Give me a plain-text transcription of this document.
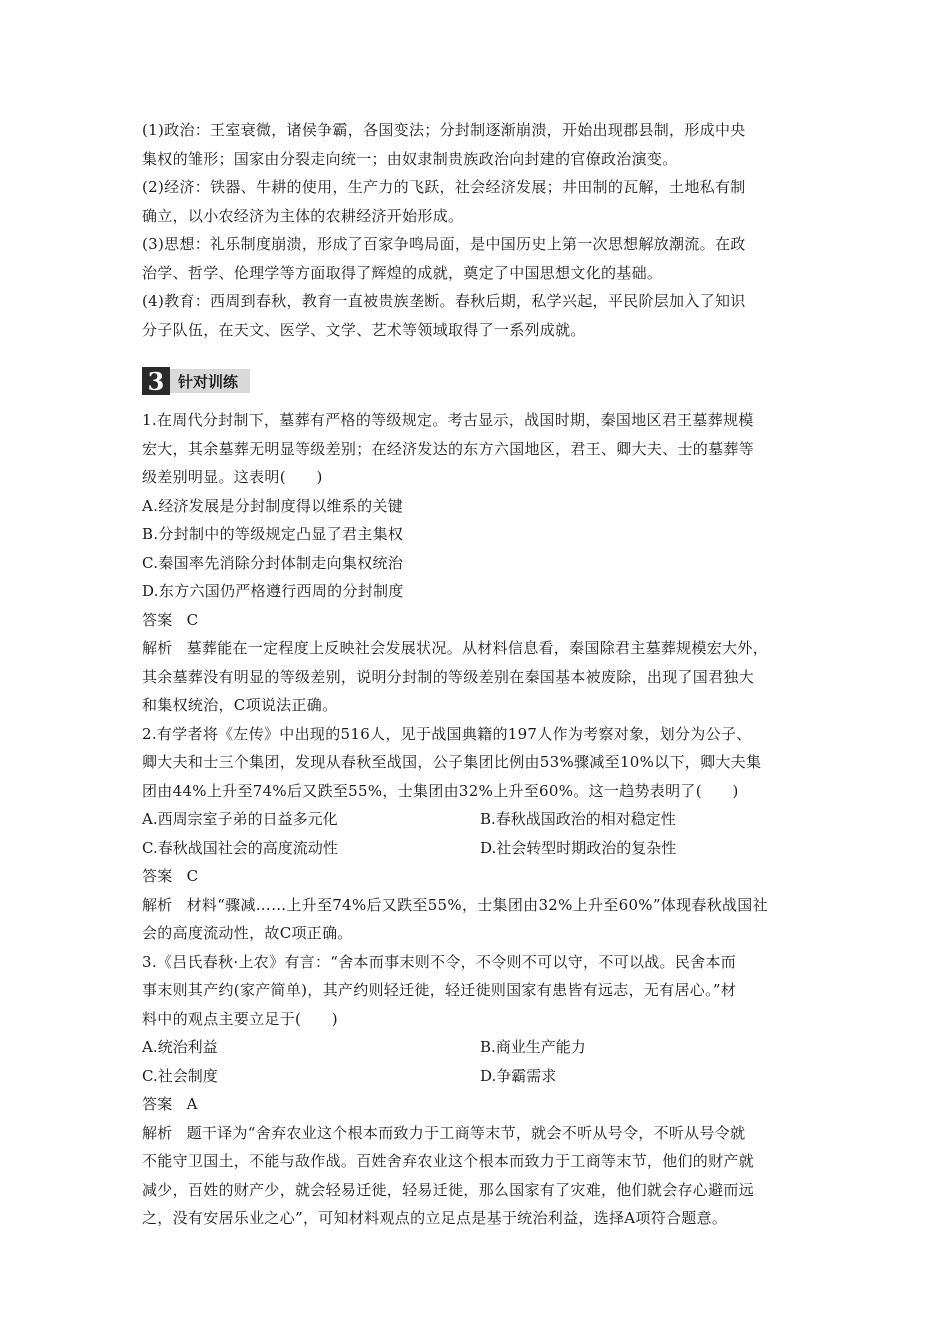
(1)政治：王室衰微，诸侯争霸，各国变法；分封制逐渐崩溃，开始出现郡县制，形成中央

集权的雏形；国家由分裂走向统一；由奴隶制贵族政治向封建的官僚政治演变。

(2)经济：铁器、牛耕的使用，生产力的飞跃，社会经济发展；井田制的瓦解，土地私有制

确立，以小农经济为主体的农耕经济开始形成。

(3)思想：礼乐制度崩溃，形成了百家争鸣局面，是中国历史上第一次思想解放潮流。在政

治学、哲学、伦理学等方面取得了辉煌的成就，奠定了中国思想文化的基础。

(4)教育：西周到春秋，教育一直被贵族垄断。春秋后期，私学兴起，平民阶层加入了知识

分子队伍，在天文、医学、文学、艺术等领域取得了一系列成就。

3 针对训练

1.在周代分封制下，墓葬有严格的等级规定。考古显示，战国时期，秦国地区君王墓葬规模

宏大，其余墓葬无明显等级差别；在经济发达的东方六国地区，君王、卿大夫、士的墓葬等

级差别明显。这表明(　　)

A.经济发展是分封制度得以维系的关键

B.分封制中的等级规定凸显了君主集权

C.秦国率先消除分封体制走向集权统治

D.东方六国仍严格遵行西周的分封制度

答案 C

解析 墓葬能在一定程度上反映社会发展状况。从材料信息看，秦国除君主墓葬规模宏大外，

其余墓葬没有明显的等级差别，说明分封制的等级差别在秦国基本被废除，出现了国君独大

和集权统治，C项说法正确。

2.有学者将《左传》中出现的516人，见于战国典籍的197人作为考察对象，划分为公子、

卿大夫和士三个集团，发现从春秋至战国，公子集团比例由53%骤减至10%以下，卿大夫集

团由44%上升至74%后又跌至55%，士集团由32%上升至60%。这一趋势表明了(　　)

A.西周宗室子弟的日益多元化	B.春秋战国政治的相对稳定性
C.春秋战国社会的高度流动性	D.社会转型时期政治的复杂性

答案 C

解析 材料“骤减……上升至74%后又跌至55%，士集团由32%上升至60%”体现春秋战国社

会的高度流动性，故C项正确。

3.《吕氏春秋·上农》有言：“舍本而事末则不令，不令则不可以守，不可以战。民舍本而

事末则其产约(家产简单)，其产约则轻迁徙，轻迁徙则国家有患皆有远志，无有居心。”材

料中的观点主要立足于(　　)

A.统治利益	B.商业生产能力
C.社会制度	D.争霸需求

答案 A

解析 题干译为“舍弃农业这个根本而致力于工商等末节，就会不听从号令，不听从号令就

不能守卫国土，不能与敌作战。百姓舍弃农业这个根本而致力于工商等末节，他们的财产就

减少，百姓的财产少，就会轻易迁徙，轻易迁徙，那么国家有了灾难，他们就会存心避而远

之，没有安居乐业之心”，可知材料观点的立足点是基于统治利益，选择A项符合题意。
